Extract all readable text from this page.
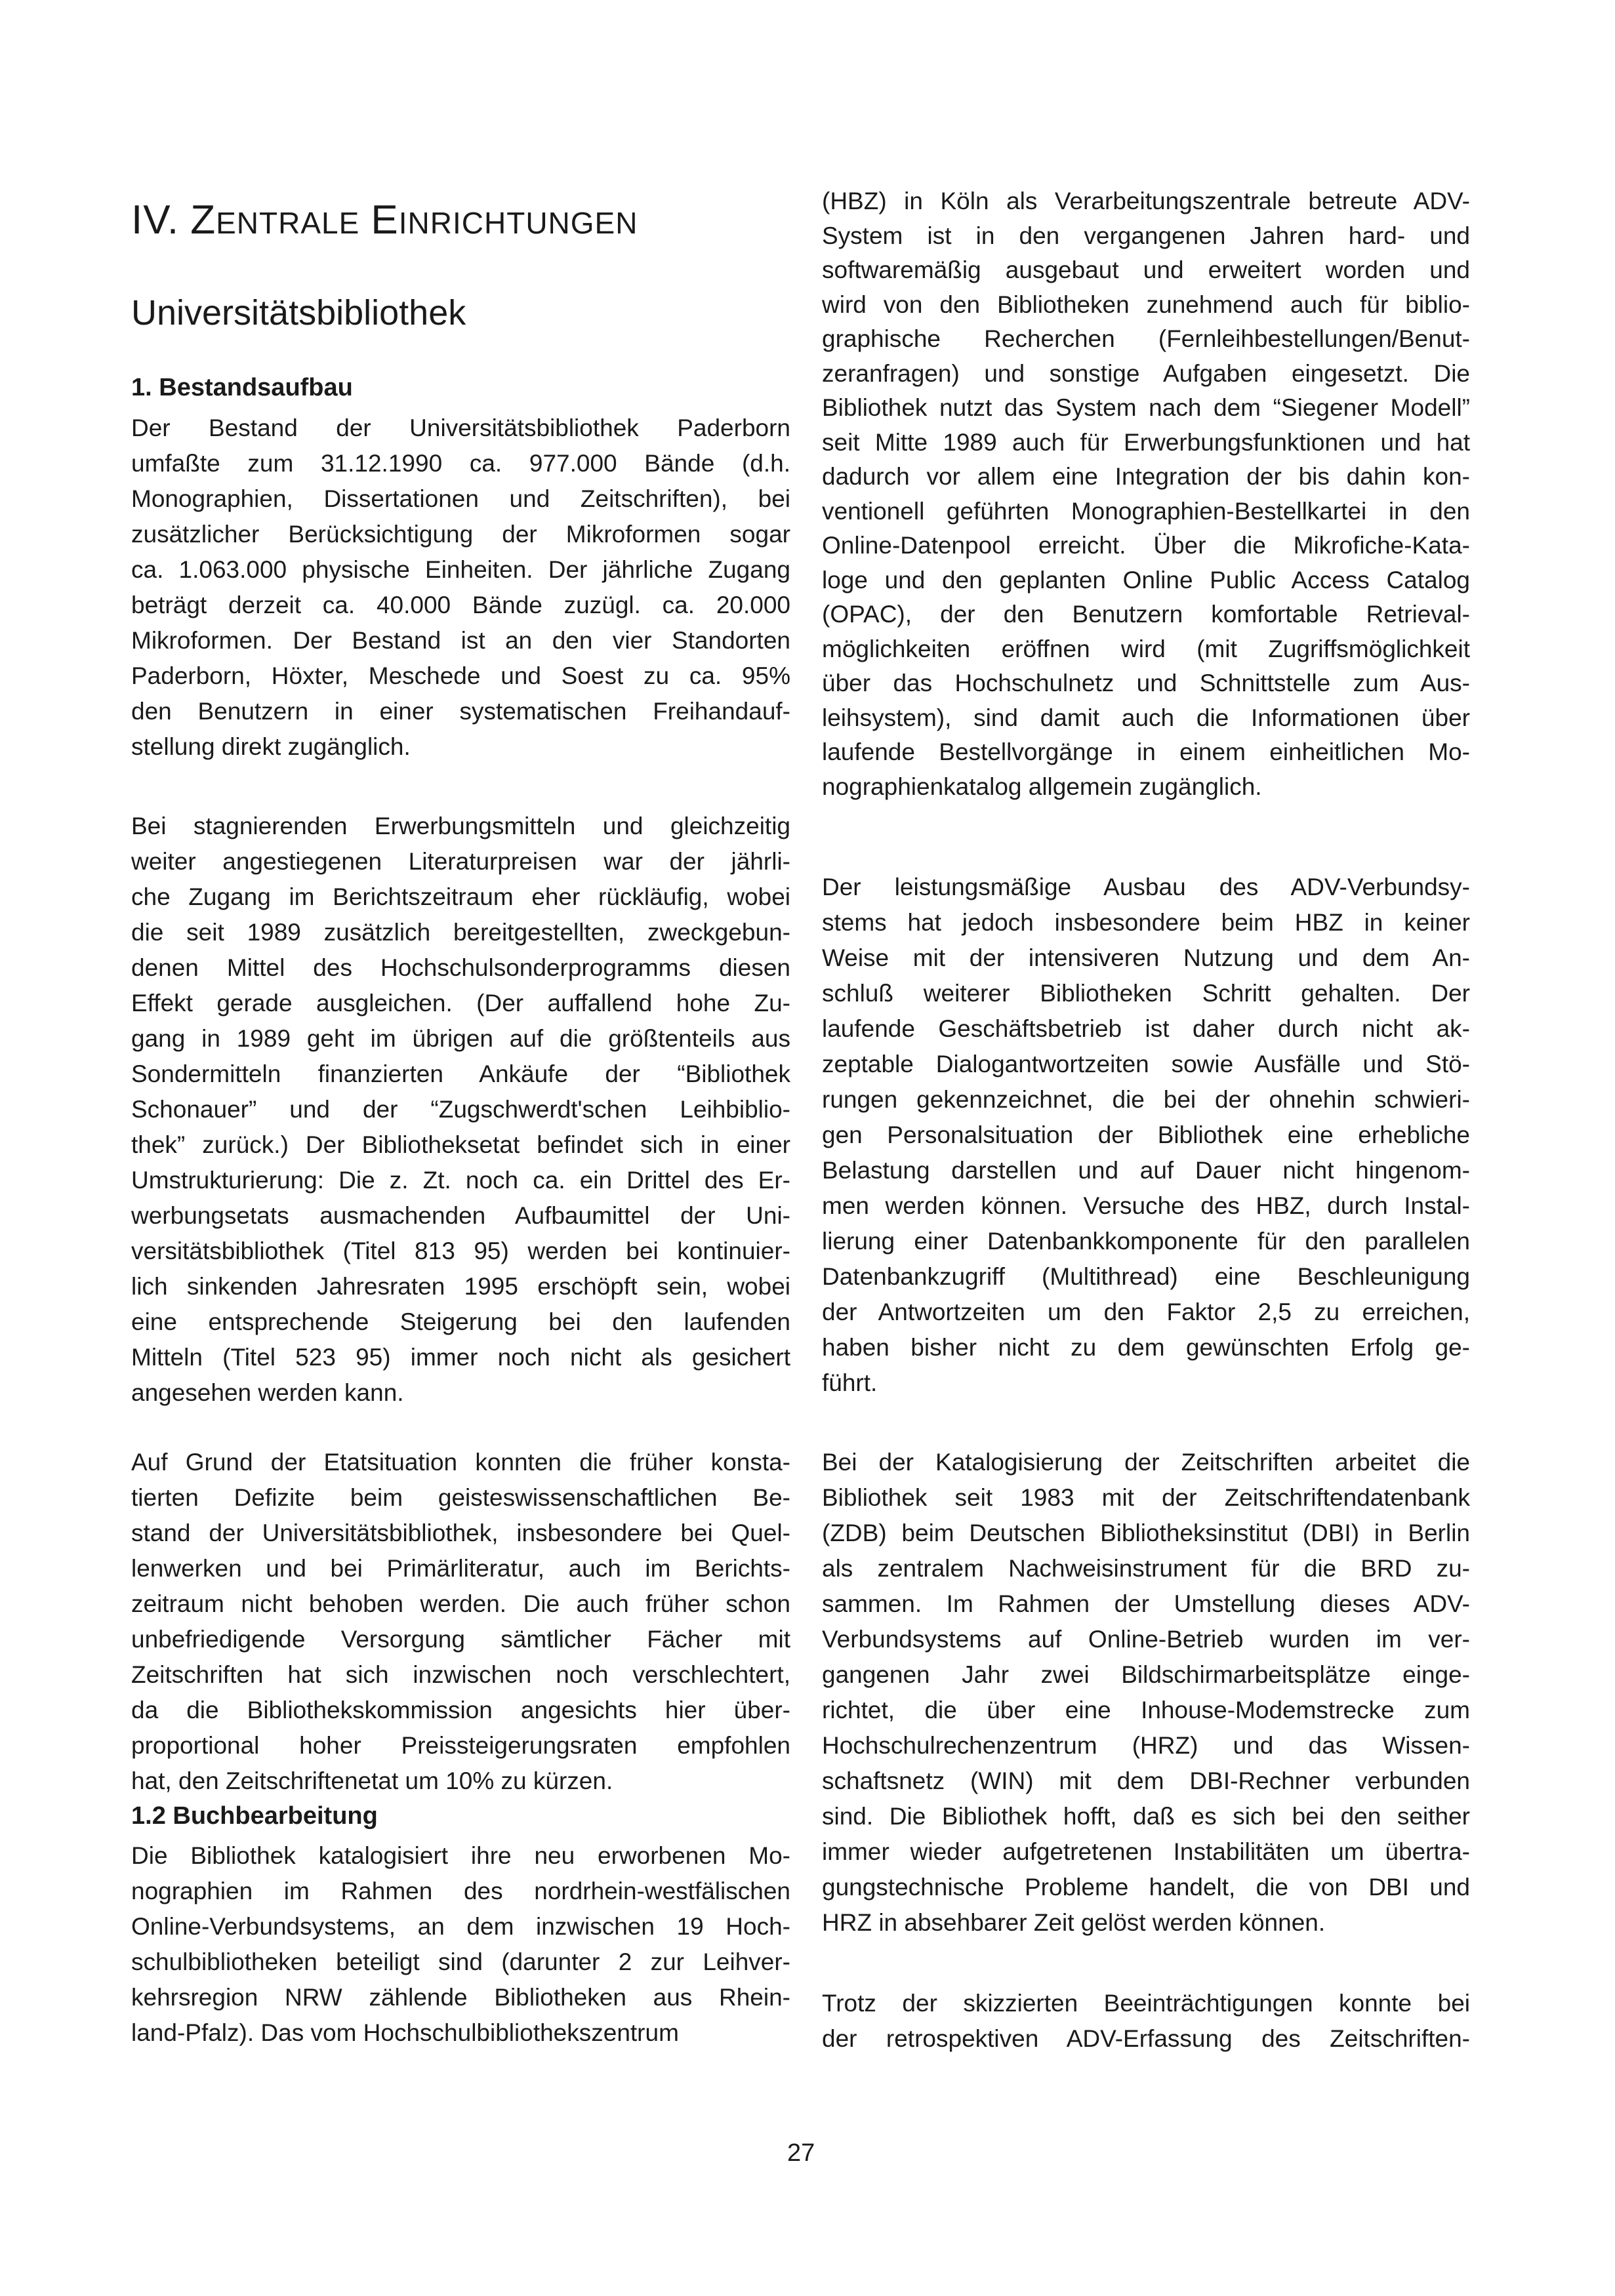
IV. ZENTRALE EINRICHTUNGEN
Universitätsbibliothek
1. Bestandsaufbau
1.2 Buchbearbeitung
Der Bestand der Universitätsbibliothek Paderborn
umfaßte zum 31.12.1990 ca. 977.000 Bände (d.h.
Monographien, Dissertationen und Zeitschriften), bei
zusätzlicher Berücksichtigung der Mikroformen sogar
ca. 1.063.000 physische Einheiten. Der jährliche Zugang
beträgt derzeit ca. 40.000 Bände zuzügl. ca. 20.000
Mikroformen. Der Bestand ist an den vier Standorten
Paderborn, Höxter, Meschede und Soest zu ca. 95%
den Benutzern in einer systematischen Freihandauf-
stellung direkt zugänglich.
Bei stagnierenden Erwerbungsmitteln und gleichzeitig
weiter angestiegenen Literaturpreisen war der jährli-
che Zugang im Berichtszeitraum eher rückläufig, wobei
die seit 1989 zusätzlich bereitgestellten, zweckgebun-
denen Mittel des Hochschulsonderprogramms diesen
Effekt gerade ausgleichen. (Der auffallend hohe Zu-
gang in 1989 geht im übrigen auf die größtenteils aus
Sondermitteln finanzierten Ankäufe der “Bibliothek
Schonauer” und der “Zugschwerdt'schen Leihbiblio-
thek” zurück.) Der Bibliotheksetat befindet sich in einer
Umstrukturierung: Die z. Zt. noch ca. ein Drittel des Er-
werbungsetats ausmachenden Aufbaumittel der Uni-
versitätsbibliothek (Titel 813 95) werden bei kontinuier-
lich sinkenden Jahresraten 1995 erschöpft sein, wobei
eine entsprechende Steigerung bei den laufenden
Mitteln (Titel 523 95) immer noch nicht als gesichert
angesehen werden kann.
Auf Grund der Etatsituation konnten die früher konsta-
tierten Defizite beim geisteswissenschaftlichen Be-
stand der Universitätsbibliothek, insbesondere bei Quel-
lenwerken und bei Primärliteratur, auch im Berichts-
zeitraum nicht behoben werden. Die auch früher schon
unbefriedigende Versorgung sämtlicher Fächer mit
Zeitschriften hat sich inzwischen noch verschlechtert,
da die Bibliothekskommission angesichts hier über-
proportional hoher Preissteigerungsraten empfohlen
hat, den Zeitschriftenetat um 10% zu kürzen.
Die Bibliothek katalogisiert ihre neu erworbenen Mo-
nographien im Rahmen des nordrhein-westfälischen
Online-Verbundsystems, an dem inzwischen 19 Hoch-
schulbibliotheken beteiligt sind (darunter 2 zur Leihver-
kehrsregion NRW zählende Bibliotheken aus Rhein-
land-Pfalz). Das vom Hochschulbibliothekszentrum
(HBZ) in Köln als Verarbeitungszentrale betreute ADV-
System ist in den vergangenen Jahren hard- und
softwaremäßig ausgebaut und erweitert worden und
wird von den Bibliotheken zunehmend auch für biblio-
graphische Recherchen (Fernleihbestellungen/Benut-
zeranfragen) und sonstige Aufgaben eingesetzt. Die
Bibliothek nutzt das System nach dem “Siegener Modell”
seit Mitte 1989 auch für Erwerbungsfunktionen und hat
dadurch vor allem eine Integration der bis dahin kon-
ventionell geführten Monographien-Bestellkartei in den
Online-Datenpool erreicht. Über die Mikrofiche-Kata-
loge und den geplanten Online Public Access Catalog
(OPAC), der den Benutzern komfortable Retrieval-
möglichkeiten eröffnen wird (mit Zugriffsmöglichkeit
über das Hochschulnetz und Schnittstelle zum Aus-
leihsystem), sind damit auch die Informationen über
laufende Bestellvorgänge in einem einheitlichen Mo-
nographienkatalog allgemein zugänglich.
Der leistungsmäßige Ausbau des ADV-Verbundsy-
stems hat jedoch insbesondere beim HBZ in keiner
Weise mit der intensiveren Nutzung und dem An-
schluß weiterer Bibliotheken Schritt gehalten. Der
laufende Geschäftsbetrieb ist daher durch nicht ak-
zeptable Dialogantwortzeiten sowie Ausfälle und Stö-
rungen gekennzeichnet, die bei der ohnehin schwieri-
gen Personalsituation der Bibliothek eine erhebliche
Belastung darstellen und auf Dauer nicht hingenom-
men werden können. Versuche des HBZ, durch Instal-
lierung einer Datenbankkomponente für den parallelen
Datenbankzugriff (Multithread) eine Beschleunigung
der Antwortzeiten um den Faktor 2,5 zu erreichen,
haben bisher nicht zu dem gewünschten Erfolg ge-
führt.
Bei der Katalogisierung der Zeitschriften arbeitet die
Bibliothek seit 1983 mit der Zeitschriftendatenbank
(ZDB) beim Deutschen Bibliotheksinstitut (DBI) in Berlin
als zentralem Nachweisinstrument für die BRD zu-
sammen. Im Rahmen der Umstellung dieses ADV-
Verbundsystems auf Online-Betrieb wurden im ver-
gangenen Jahr zwei Bildschirmarbeitsplätze einge-
richtet, die über eine Inhouse-Modemstrecke zum
Hochschulrechenzentrum (HRZ) und das Wissen-
schaftsnetz (WIN) mit dem DBI-Rechner verbunden
sind. Die Bibliothek hofft, daß es sich bei den seither
immer wieder aufgetretenen Instabilitäten um übertra-
gungstechnische Probleme handelt, die von DBI und
HRZ in absehbarer Zeit gelöst werden können.
Trotz der skizzierten Beeinträchtigungen konnte bei
der retrospektiven ADV-Erfassung des Zeitschriften-
27
